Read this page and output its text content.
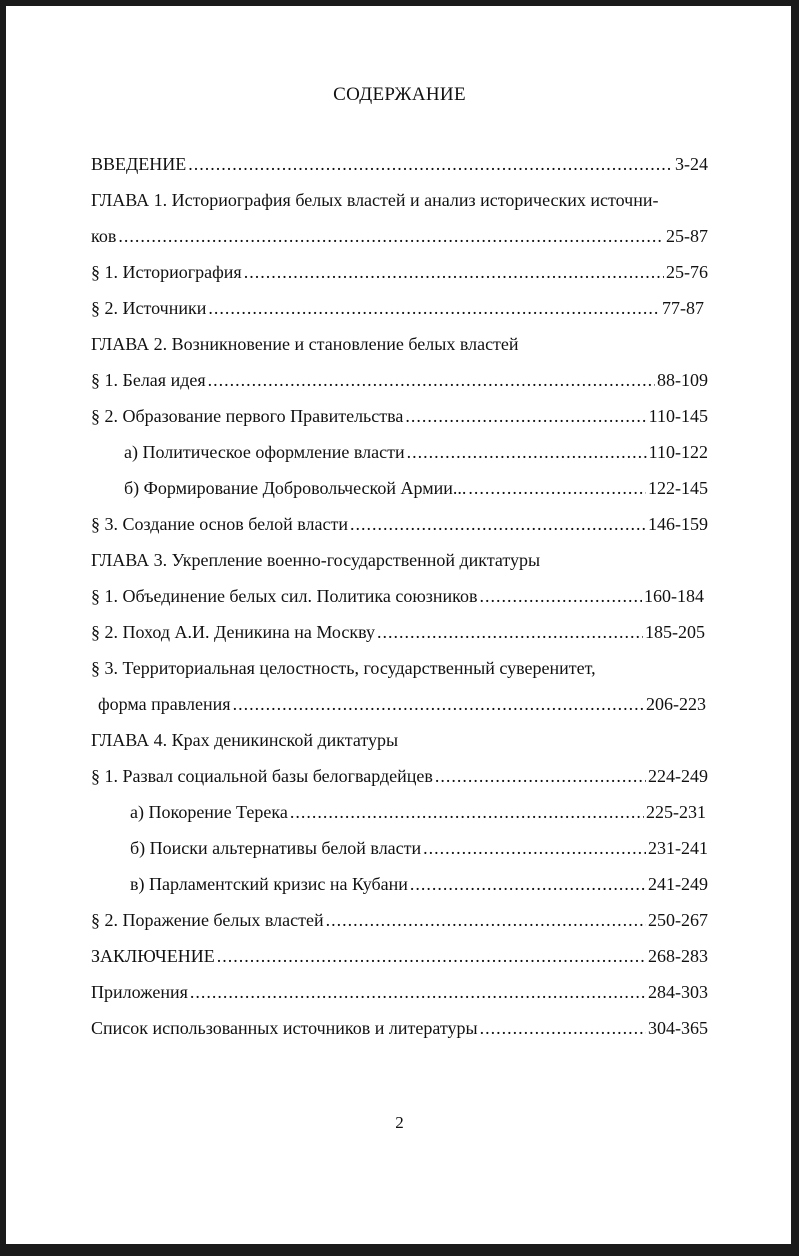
СОДЕРЖАНИЕ
ВВЕДЕНИЕ .....	3-24
ГЛАВА 1. Историография белых властей и анализ исторических источни-
ков .....	25-87
§ 1. Историография .....	25-76
§ 2. Источники .....	77-87
ГЛАВА 2. Возникновение и становление белых властей
§ 1. Белая идея .....	88-109
§ 2. Образование первого Правительства .....	110-145
а) Политическое оформление власти .....	110-122
б) Формирование Добровольческой Армии... .....	122-145
§ 3. Создание основ белой власти .....	146-159
ГЛАВА 3. Укрепление военно-государственной диктатуры
§ 1. Объединение белых сил. Политика союзников .....	160-184
§ 2. Поход А.И. Деникина на Москву .....	185-205
§ 3. Территориальная целостность, государственный суверенитет,
форма правления .....	206-223
ГЛАВА 4. Крах деникинской диктатуры
§ 1. Развал социальной базы белогвардейцев .....	224-249
а) Покорение Терека .....	225-231
б) Поиски альтернативы белой власти .....	231-241
в) Парламентский кризис на Кубани .....	241-249
§ 2. Поражение белых властей .....	250-267
ЗАКЛЮЧЕНИЕ .....	268-283
Приложения .....	284-303
Список использованных источников и литературы .....	304-365
2
